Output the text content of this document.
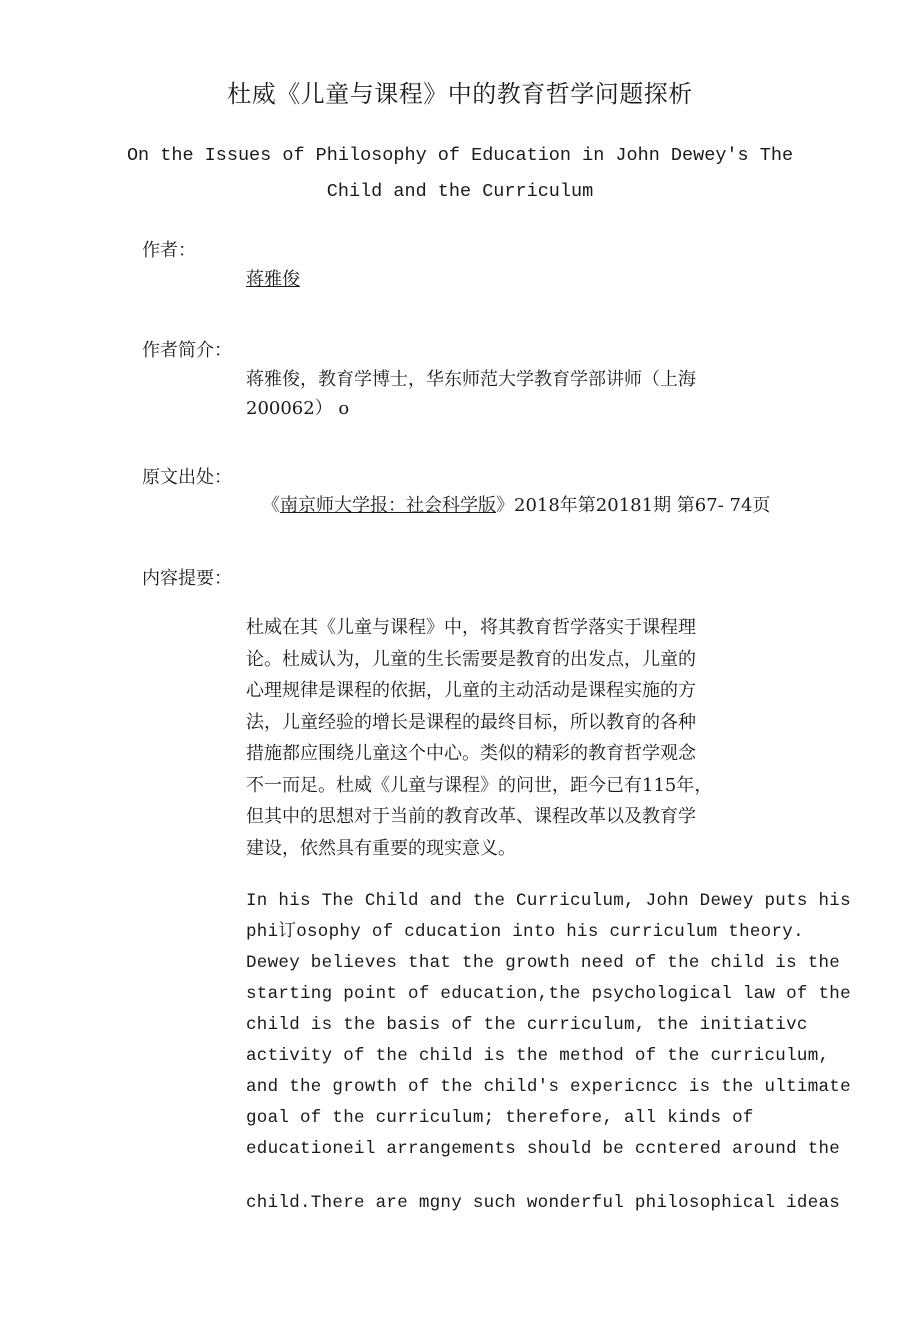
杜威《儿童与课程》中的教育哲学问题探析
On the Issues of Philosophy of Education in John Dewey's The Child and the Curriculum
作者：
蒋雅俊
作者简介：
蒋雅俊，教育学博士，华东师范大学教育学部讲师（上海 200062） o
原文出处：
《南京师大学报：社会科学版》2018年第20181期 第67- 74页
内容提要：
杜威在其《儿童与课程》中，将其教育哲学落实于课程理
论。杜威认为，儿童的生长需要是教育的出发点，儿童的
心理规律是课程的依据，儿童的主动活动是课程实施的方
法，儿童经验的增长是课程的最终目标，所以教育的各种
措施都应围绕儿童这个中心。类似的精彩的教育哲学观念
不一而足。杜威《儿童与课程》的问世，距今已有115年，
但其中的思想对于当前的教育改革、课程改革以及教育学
建设，依然具有重要的现实意义。
In his The Child and the Curriculum, John Dewey puts his
phi订osophy of cducation into his curriculum theory.
Dewey believes that the growth need of the child is the
starting point of education,the psychological law of the
child is the basis of the curriculum, the initiativc
activity of the child is the method of the curriculum,
and the growth of the child's expericncc is the ultimate
goal of the curriculum; therefore, all kinds of
educationeil arrangements should be ccntered around the
child.There are mgny such wonderful philosophical ideas
